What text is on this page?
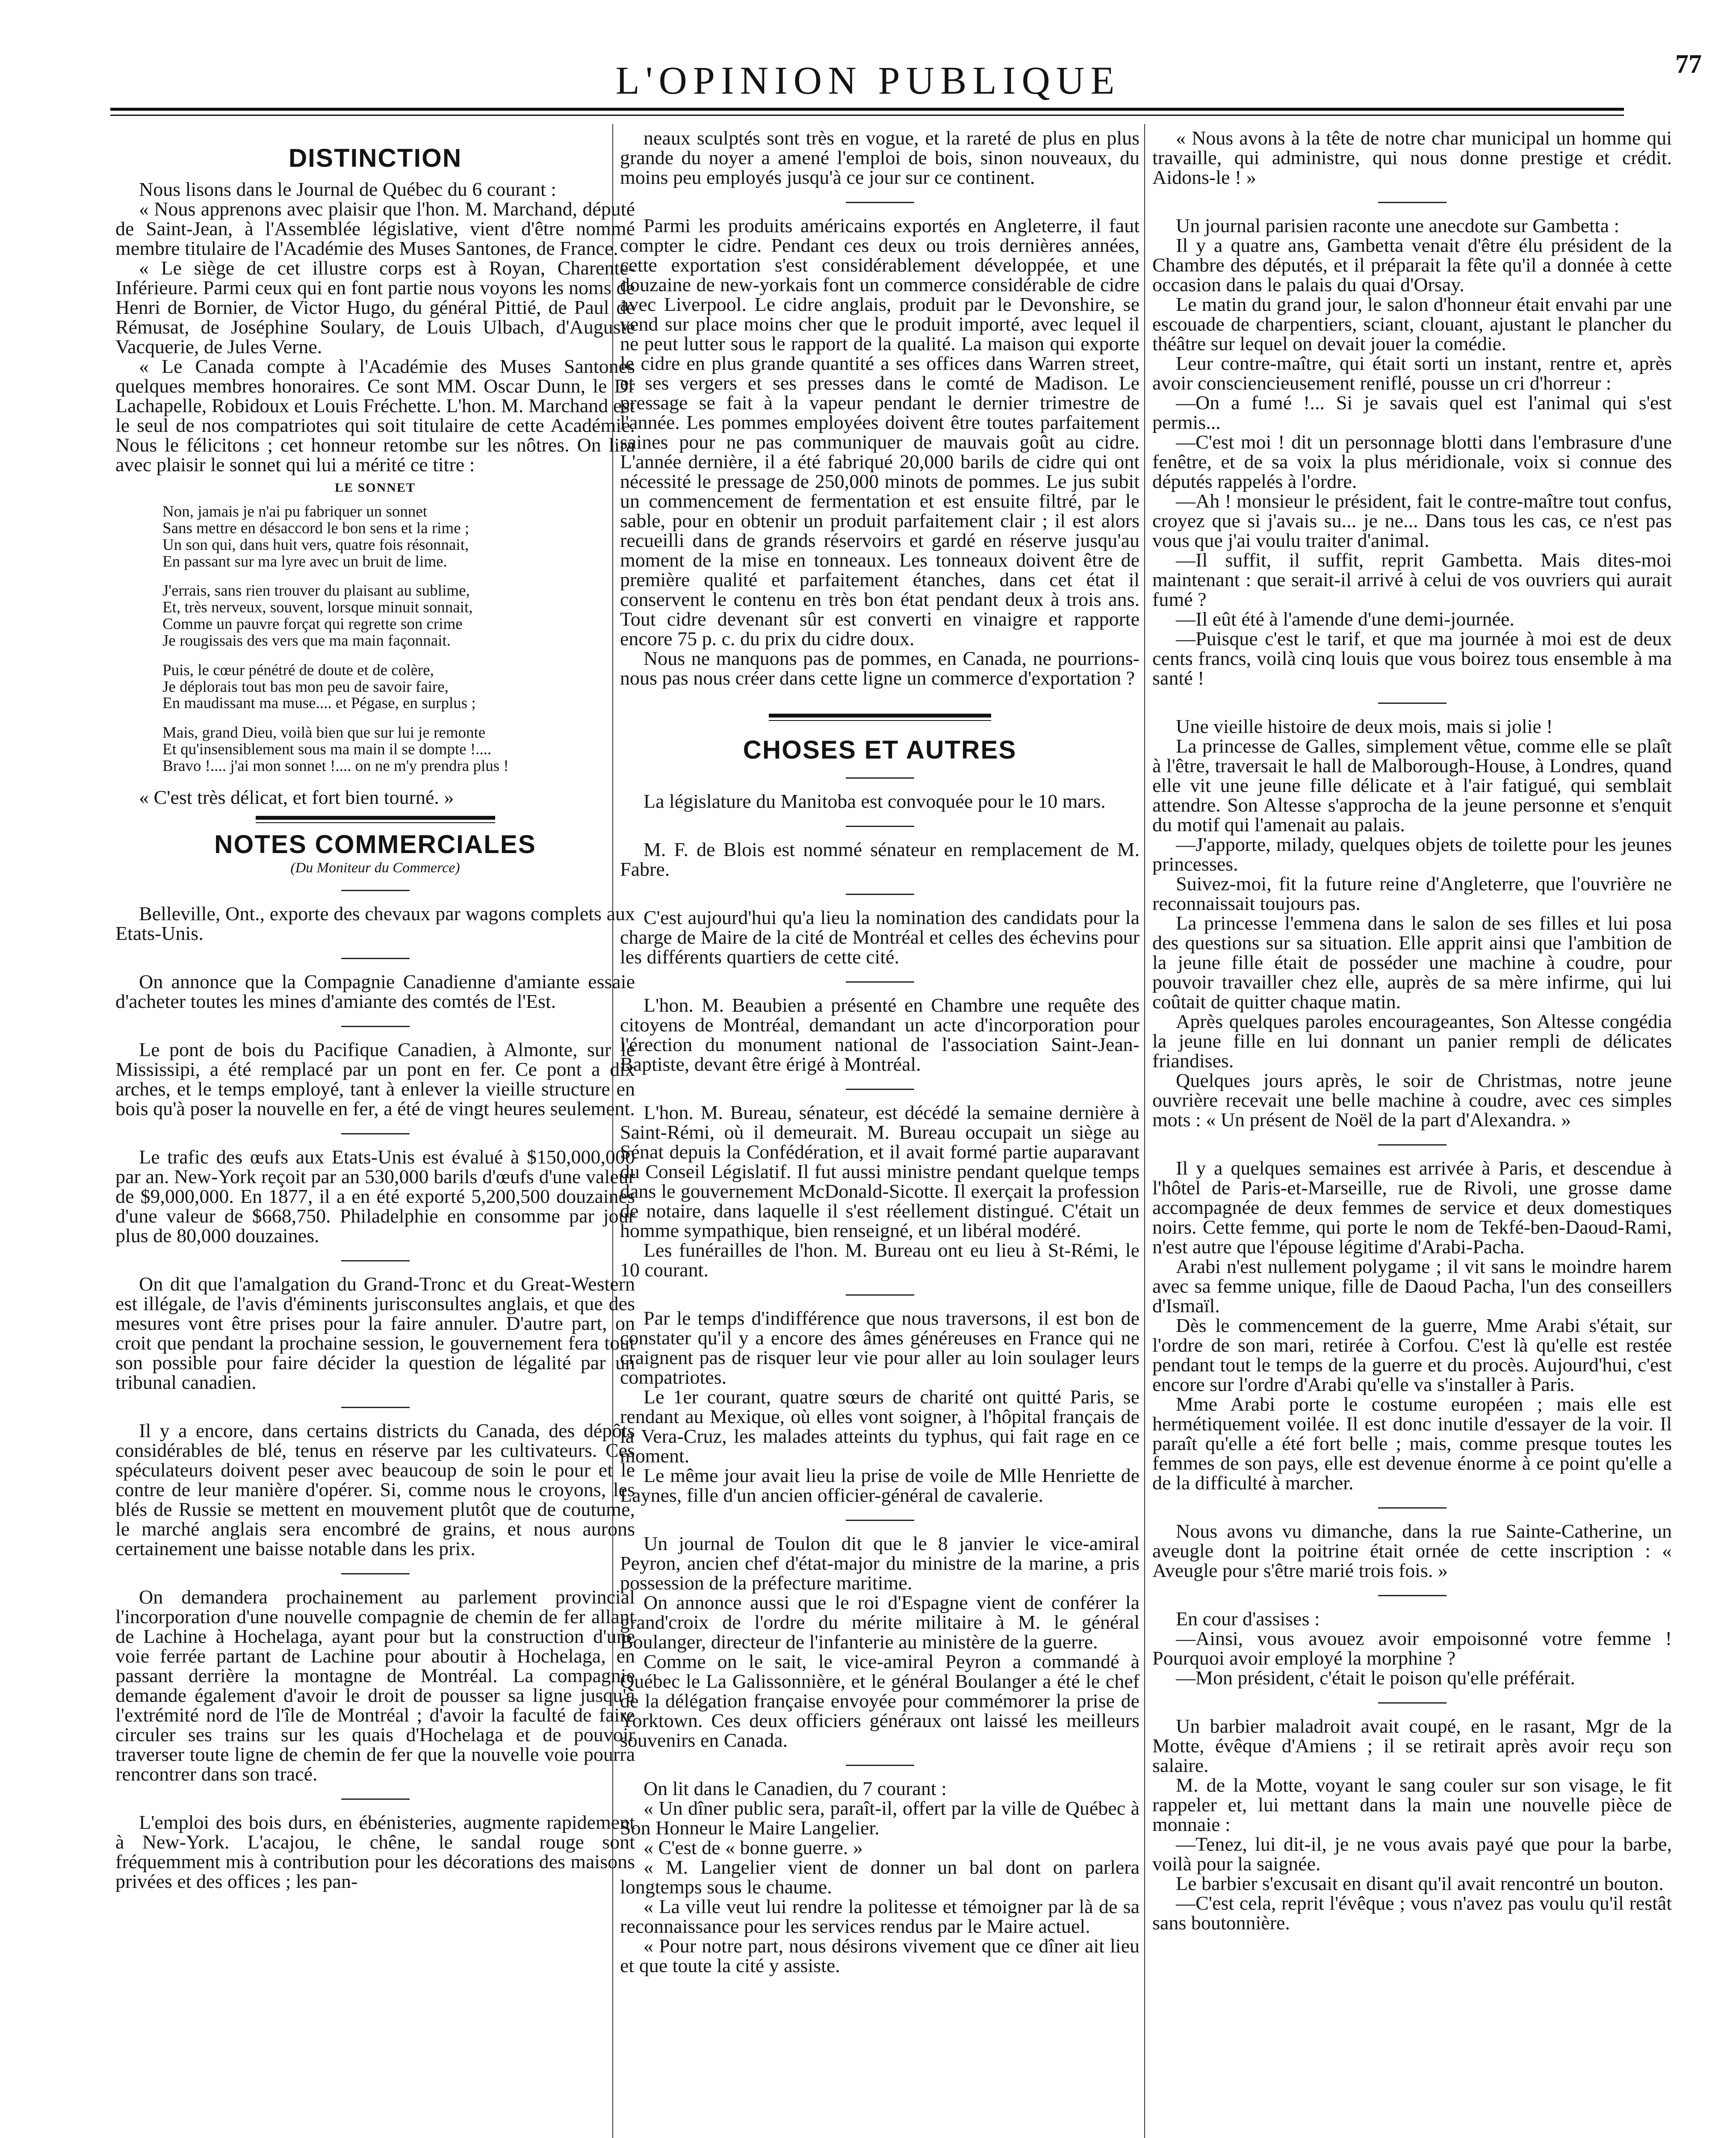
L'OPINION PUBLIQUE	77
DISTINCTION

Nous lisons dans le Journal de Québec du 6 courant :

« Nous apprenons avec plaisir que l'hon. M. Marchand, député de Saint-Jean, à l'Assemblée législative, vient d'être nommé membre titulaire de l'Académie des Muses Santones, de France.

« Le siège de cet illustre corps est à Royan, Charente-Inférieure. Parmi ceux qui en font partie nous voyons les noms de Henri de Bornier, de Victor Hugo, du général Pittié, de Paul de Rémusat, de Joséphine Soulary, de Louis Ulbach, d'Auguste Vacquerie, de Jules Verne.

« Le Canada compte à l'Académie des Muses Santones quelques membres honoraires. Ce sont MM. Oscar Dunn, le Dr Lachapelle, Robidoux et Louis Fréchette. L'hon. M. Marchand est le seul de nos compatriotes qui soit titulaire de cette Académie. Nous le félicitons ; cet honneur retombe sur les nôtres. On lira avec plaisir le sonnet qui lui a mérité ce titre :

LE SONNET
Non, jamais je n'ai pu fabriquer un sonnet
Sans mettre en désaccord le bon sens et la rime ;
Un son qui, dans huit vers, quatre fois résonnait,
En passant sur ma lyre avec un bruit de lime.
J'errais, sans rien trouver du plaisant au sublime,
Et, très nerveux, souvent, lorsque minuit sonnait,
Comme un pauvre forçat qui regrette son crime
Je rougissais des vers que ma main façonnait.
Puis, le cœur pénétré de doute et de colère,
Je déplorais tout bas mon peu de savoir faire,
En maudissant ma muse.... et Pégase, en surplus ;
Mais, grand Dieu, voilà bien que sur lui je remonte
Et qu'insensiblement sous ma main il se dompte !....
Bravo !.... j'ai mon sonnet !.... on ne m'y prendra plus !

« C'est très délicat, et fort bien tourné. »

NOTES COMMERCIALES
(Du Moniteur du Commerce)

Belleville, Ont., exporte des chevaux par wagons complets aux Etats-Unis.

On annonce que la Compagnie Canadienne d'amiante essaie d'acheter toutes les mines d'amiante des comtés de l'Est.

Le pont de bois du Pacifique Canadien, à Almonte, sur le Mississipi, a été remplacé par un pont en fer. Ce pont a dix arches, et le temps employé, tant à enlever la vieille structure en bois qu'à poser la nouvelle en fer, a été de vingt heures seulement.

Le trafic des œufs aux Etats-Unis est évalué à $150,000,000 par an. New-York reçoit par an 530,000 barils d'œufs d'une valeur de $9,000,000. En 1877, il a en été exporté 5,200,500 douzaines d'une valeur de $668,750. Philadelphie en consomme par jour plus de 80,000 douzaines.

On dit que l'amalgation du Grand-Tronc et du Great-Western est illégale, de l'avis d'éminents jurisconsultes anglais, et que des mesures vont être prises pour la faire annuler. D'autre part, on croit que pendant la prochaine session, le gouvernement fera tout son possible pour faire décider la question de légalité par un tribunal canadien.

Il y a encore, dans certains districts du Canada, des dépôts considérables de blé, tenus en réserve par les cultivateurs. Ces spéculateurs doivent peser avec beaucoup de soin le pour et le contre de leur manière d'opérer. Si, comme nous le croyons, les blés de Russie se mettent en mouvement plutôt que de coutume, le marché anglais sera encombré de grains, et nous aurons certainement une baisse notable dans les prix.

On demandera prochainement au parlement provincial l'incorporation d'une nouvelle compagnie de chemin de fer allant de Lachine à Hochelaga, ayant pour but la construction d'une voie ferrée partant de Lachine pour aboutir à Hochelaga, en passant derrière la montagne de Montréal. La compagnie demande également d'avoir le droit de pousser sa ligne jusqu'à l'extrémité nord de l'île de Montréal ; d'avoir la faculté de faire circuler ses trains sur les quais d'Hochelaga et de pouvoir traverser toute ligne de chemin de fer que la nouvelle voie pourra rencontrer dans son tracé.

L'emploi des bois durs, en ébénisteries, augmente rapidement à New-York. L'acajou, le chêne, le sandal rouge sont fréquemment mis à contribution pour les décorations des maisons privées et des offices ; les pan-

neaux sculptés sont très en vogue, et la rareté de plus en plus grande du noyer a amené l'emploi de bois, sinon nouveaux, du moins peu employés jusqu'à ce jour sur ce continent.

Parmi les produits américains exportés en Angleterre, il faut compter le cidre. Pendant ces deux ou trois dernières années, cette exportation s'est considérablement développée, et une douzaine de new-yorkais font un commerce considérable de cidre avec Liverpool. Le cidre anglais, produit par le Devonshire, se vend sur place moins cher que le produit importé, avec lequel il ne peut lutter sous le rapport de la qualité. La maison qui exporte le cidre en plus grande quantité a ses offices dans Warren street, et ses vergers et ses presses dans le comté de Madison. Le pressage se fait à la vapeur pendant le dernier trimestre de l'année. Les pommes employées doivent être toutes parfaitement saines pour ne pas communiquer de mauvais goût au cidre. L'année dernière, il a été fabriqué 20,000 barils de cidre qui ont nécessité le pressage de 250,000 minots de pommes. Le jus subit un commencement de fermentation et est ensuite filtré, par le sable, pour en obtenir un produit parfaitement clair ; il est alors recueilli dans de grands réservoirs et gardé en réserve jusqu'au moment de la mise en tonneaux. Les tonneaux doivent être de première qualité et parfaitement étanches, dans cet état il conservent le contenu en très bon état pendant deux à trois ans. Tout cidre devenant sûr est converti en vinaigre et rapporte encore 75 p. c. du prix du cidre doux.

Nous ne manquons pas de pommes, en Canada, ne pourrions-nous pas nous créer dans cette ligne un commerce d'exportation ?

CHOSES ET AUTRES

La législature du Manitoba est convoquée pour le 10 mars.

M. F. de Blois est nommé sénateur en remplacement de M. Fabre.

C'est aujourd'hui qu'a lieu la nomination des candidats pour la charge de Maire de la cité de Montréal et celles des échevins pour les différents quartiers de cette cité.

L'hon. M. Beaubien a présenté en Chambre une requête des citoyens de Montréal, demandant un acte d'incorporation pour l'érection du monument national de l'association Saint-Jean-Baptiste, devant être érigé à Montréal.

L'hon. M. Bureau, sénateur, est décédé la semaine dernière à Saint-Rémi, où il demeurait. M. Bureau occupait un siège au Sénat depuis la Confédération, et il avait formé partie auparavant du Conseil Législatif. Il fut aussi ministre pendant quelque temps dans le gouvernement McDonald-Sicotte. Il exerçait la profession de notaire, dans laquelle il s'est réellement distingué. C'était un homme sympathique, bien renseigné, et un libéral modéré.

Les funérailles de l'hon. M. Bureau ont eu lieu à St-Rémi, le 10 courant.

Par le temps d'indifférence que nous traversons, il est bon de constater qu'il y a encore des âmes généreuses en France qui ne craignent pas de risquer leur vie pour aller au loin soulager leurs compatriotes.

Le 1er courant, quatre sœurs de charité ont quitté Paris, se rendant au Mexique, où elles vont soigner, à l'hôpital français de la Vera-Cruz, les malades atteints du typhus, qui fait rage en ce moment.

Le même jour avait lieu la prise de voile de Mlle Henriette de Laynes, fille d'un ancien officier-général de cavalerie.

Un journal de Toulon dit que le 8 janvier le vice-amiral Peyron, ancien chef d'état-major du ministre de la marine, a pris possession de la préfecture maritime.

On annonce aussi que le roi d'Espagne vient de conférer la grand'croix de l'ordre du mérite militaire à M. le général Boulanger, directeur de l'infanterie au ministère de la guerre.

Comme on le sait, le vice-amiral Peyron a commandé à Québec le La Galissonnière, et le général Boulanger a été le chef de la délégation française envoyée pour commémorer la prise de Yorktown. Ces deux officiers généraux ont laissé les meilleurs souvenirs en Canada.

On lit dans le Canadien, du 7 courant :

« Un dîner public sera, paraît-il, offert par la ville de Québec à Son Honneur le Maire Langelier.

« C'est de « bonne guerre. »

« M. Langelier vient de donner un bal dont on parlera longtemps sous le chaume.

« La ville veut lui rendre la politesse et témoigner par là de sa reconnaissance pour les services rendus par le Maire actuel.

« Pour notre part, nous désirons vivement que ce dîner ait lieu et que toute la cité y assiste.

« Nous avons à la tête de notre char municipal un homme qui travaille, qui administre, qui nous donne prestige et crédit. Aidons-le ! »

Un journal parisien raconte une anecdote sur Gambetta :

Il y a quatre ans, Gambetta venait d'être élu président de la Chambre des députés, et il préparait la fête qu'il a donnée à cette occasion dans le palais du quai d'Orsay.

Le matin du grand jour, le salon d'honneur était envahi par une escouade de charpentiers, sciant, clouant, ajustant le plancher du théâtre sur lequel on devait jouer la comédie.

Leur contre-maître, qui était sorti un instant, rentre et, après avoir consciencieusement reniflé, pousse un cri d'horreur :

—On a fumé !... Si je savais quel est l'animal qui s'est permis...

—C'est moi ! dit un personnage blotti dans l'embrasure d'une fenêtre, et de sa voix la plus méridionale, voix si connue des députés rappelés à l'ordre.

—Ah ! monsieur le président, fait le contre-maître tout confus, croyez que si j'avais su... je ne... Dans tous les cas, ce n'est pas vous que j'ai voulu traiter d'animal.

—Il suffit, il suffit, reprit Gambetta. Mais dites-moi maintenant : que serait-il arrivé à celui de vos ouvriers qui aurait fumé ?

—Il eût été à l'amende d'une demi-journée.

—Puisque c'est le tarif, et que ma journée à moi est de deux cents francs, voilà cinq louis que vous boirez tous ensemble à ma santé !

Une vieille histoire de deux mois, mais si jolie !

La princesse de Galles, simplement vêtue, comme elle se plaît à l'être, traversait le hall de Malborough-House, à Londres, quand elle vit une jeune fille délicate et à l'air fatigué, qui semblait attendre. Son Altesse s'approcha de la jeune personne et s'enquit du motif qui l'amenait au palais.

—J'apporte, milady, quelques objets de toilette pour les jeunes princesses.

Suivez-moi, fit la future reine d'Angleterre, que l'ouvrière ne reconnaissait toujours pas.

La princesse l'emmena dans le salon de ses filles et lui posa des questions sur sa situation. Elle apprit ainsi que l'ambition de la jeune fille était de posséder une machine à coudre, pour pouvoir travailler chez elle, auprès de sa mère infirme, qui lui coûtait de quitter chaque matin.

Après quelques paroles encourageantes, Son Altesse congédia la jeune fille en lui donnant un panier rempli de délicates friandises.

Quelques jours après, le soir de Christmas, notre jeune ouvrière recevait une belle machine à coudre, avec ces simples mots : « Un présent de Noël de la part d'Alexandra. »

Il y a quelques semaines est arrivée à Paris, et descendue à l'hôtel de Paris-et-Marseille, rue de Rivoli, une grosse dame accompagnée de deux femmes de service et deux domestiques noirs. Cette femme, qui porte le nom de Tekfé-ben-Daoud-Rami, n'est autre que l'épouse légitime d'Arabi-Pacha.

Arabi n'est nullement polygame ; il vit sans le moindre harem avec sa femme unique, fille de Daoud Pacha, l'un des conseillers d'Ismaïl.

Dès le commencement de la guerre, Mme Arabi s'était, sur l'ordre de son mari, retirée à Corfou. C'est là qu'elle est restée pendant tout le temps de la guerre et du procès. Aujourd'hui, c'est encore sur l'ordre d'Arabi qu'elle va s'installer à Paris.

Mme Arabi porte le costume européen ; mais elle est hermétiquement voilée. Il est donc inutile d'essayer de la voir. Il paraît qu'elle a été fort belle ; mais, comme presque toutes les femmes de son pays, elle est devenue énorme à ce point qu'elle a de la difficulté à marcher.

Nous avons vu dimanche, dans la rue Sainte-Catherine, un aveugle dont la poitrine était ornée de cette inscription : « Aveugle pour s'être marié trois fois. »

En cour d'assises :

—Ainsi, vous avouez avoir empoisonné votre femme ! Pourquoi avoir employé la morphine ?

—Mon président, c'était le poison qu'elle préférait.

Un barbier maladroit avait coupé, en le rasant, Mgr de la Motte, évêque d'Amiens ; il se retirait après avoir reçu son salaire.

M. de la Motte, voyant le sang couler sur son visage, le fit rappeler et, lui mettant dans la main une nouvelle pièce de monnaie :

—Tenez, lui dit-il, je ne vous avais payé que pour la barbe, voilà pour la saignée.

Le barbier s'excusait en disant qu'il avait rencontré un bouton.

—C'est cela, reprit l'évêque ; vous n'avez pas voulu qu'il restât sans boutonnière.
